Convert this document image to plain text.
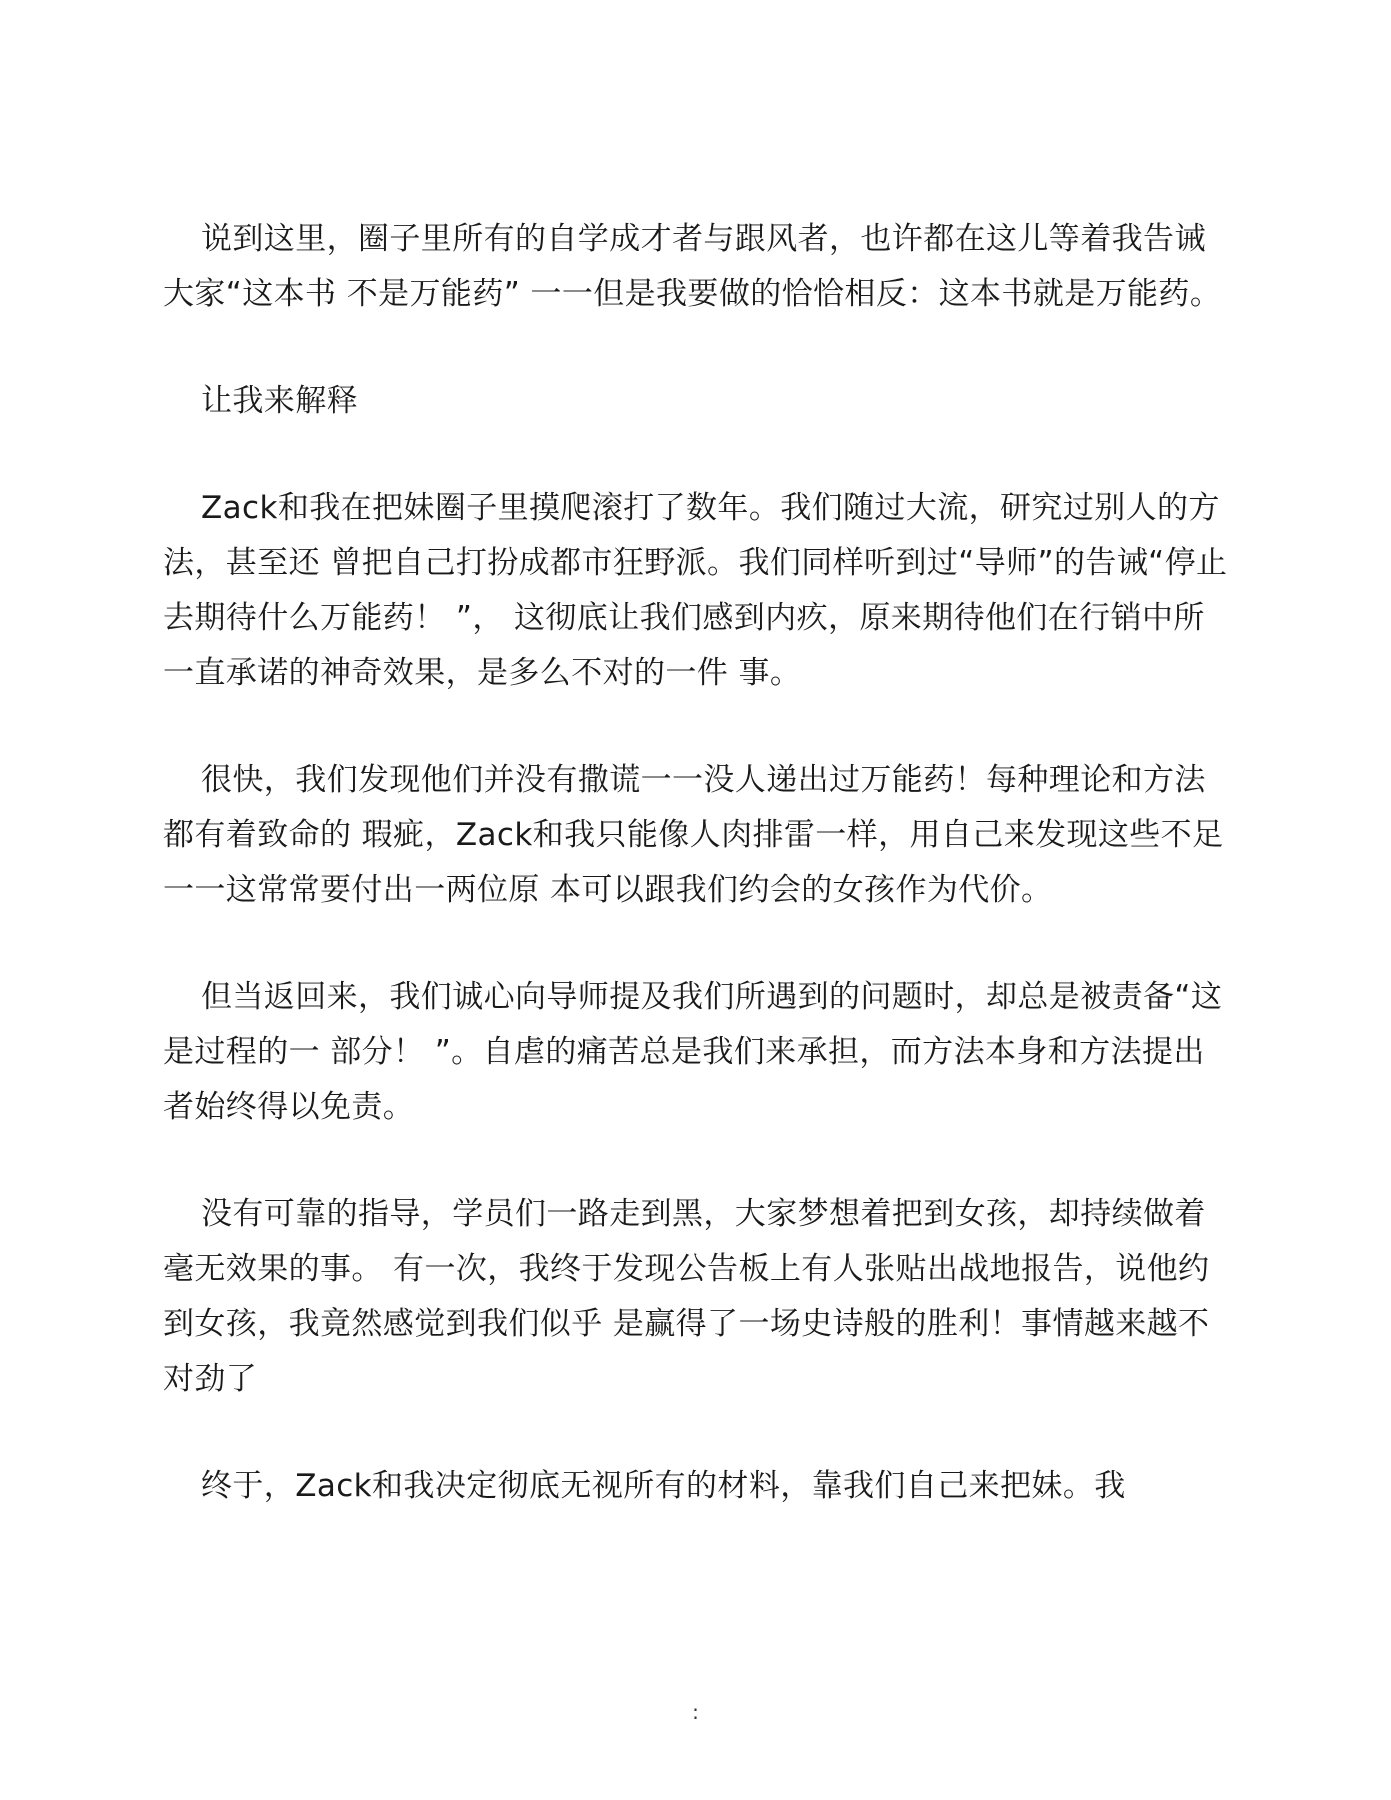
说到这里，圈子里所有的自学成才者与跟风者，也许都在这儿等着我告诫大家“这本书 不是万能药” 一一但是我要做的恰恰相反：这本书就是万能药。

让我来解释

Zack和我在把妹圈子里摸爬滚打了数年。我们随过大流，研究过别人的方法，甚至还 曾把自己打扮成都市狂野派。我们同样听到过“导师”的告诫“停止去期待什么万能药！ ”， 这彻底让我们感到内疚，原来期待他们在行销中所一直承诺的神奇效果，是多么不对的一件 事。

很快，我们发现他们并没有撒谎一一没人递出过万能药！每种理论和方法都有着致命的 瑕疵，Zack和我只能像人肉排雷一样，用自己来发现这些不足一一这常常要付出一两位原 本可以跟我们约会的女孩作为代价。

但当返回来，我们诚心向导师提及我们所遇到的问题时，却总是被责备“这是过程的一 部分！ ”。自虐的痛苦总是我们来承担，而方法本身和方法提出者始终得以免责。

没有可靠的指导，学员们一路走到黑，大家梦想着把到女孩，却持续做着毫无效果的事。 有一次，我终于发现公告板上有人张贴出战地报告，说他约到女孩，我竟然感觉到我们似乎 是赢得了一场史诗般的胜利！事情越来越不对劲了

终于，Zack和我决定彻底无视所有的材料，靠我们自己来把妹。我

:
